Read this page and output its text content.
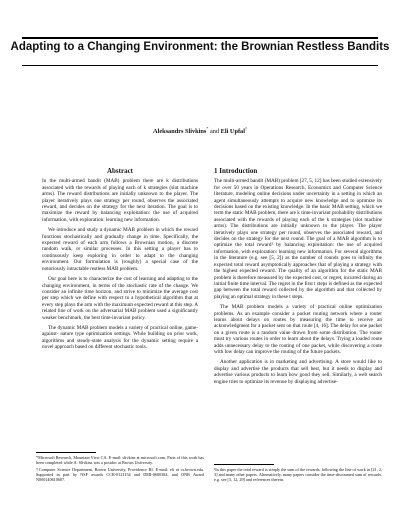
Adapting to a Changing Environment: the Brownian Restless Bandits
Aleksandrs Slivkins* and Eli Upfal†
Abstract

In the multi-armed bandit (MAB) problem there are k distributions associated with the rewards of playing each of k strategies (slot machine arms). The reward distributions are initially unknown to the player. The player iteratively plays one strategy per round, observes the associated reward, and decides on the strategy for the next iteration. The goal is to maximize the reward by balancing exploitation: the use of acquired information, with exploration: learning new information.

We introduce and study a dynamic MAB problem in which the reward functions stochastically and gradually change in time. Specifically, the expected reward of each arm follows a Brownian motion, a discrete random walk, or similar processes. In this setting a player has to continuously keep exploring in order to adapt to the changing environment. Our formulation is (roughly) a special case of the notoriously intractable restless MAB problem.

Our goal here is to characterize the cost of learning and adapting to the changing environment, in terms of the stochastic rate of the change. We consider an infinite time horizon, and strive to minimize the average cost per step which we define with respect to a hypothetical algorithm that at every step plays the arm with the maximum expected reward at this step. A related line of work on the adversarial MAB problem used a significantly weaker benchmark, the best time-invariant policy.

The dynamic MAB problem models a variety of practical online, game-against- nature type optimization settings. While building on prior work, algorithms and steady-state analysis for the dynamic setting require a novel approach based on different stochastic tools.

*Microsoft Research, Mountain View CA. E-mail: slivkins at microsoft.com. Parts of this work has been completed while A. Slivkins was a postdoc at Brown University.

†Computer Science Department, Brown University, Providence RI. E-mail: eli at cs.brown.edu. Supported in part by NSF awards CCR-0121154 and DMI-0600384, and ONR Award N000140610607.

1 Introduction

The multi-armed bandit (MAB) problem [27, 5, 12] has been studied extensively for over 50 years in Operations Research, Economics and Computer Science literature, modeling online decisions under uncertainty in a setting in which an agent simultaneously attempts to acquire new knowledge and to optimize its decisions based on the existing knowledge. In the basic MAB setting, which we term the static MAB problem, there are k time-invariant probability distributions associated with the rewards of playing each of the k strategies (slot machine arms). The distributions are initially unknown to the player. The player iteratively plays one strategy per round, observes the associated reward, and decides on the strategy for the next round. The goal of a MAB algorithm is to optimize the total reward¹ by balancing exploitation: the use of acquired information, with exploration: learning new information. For several algorithms in the literature (e.g. see [5, 2]) as the number of rounds goes to infinity the expected total reward asymptotically approaches that of playing a strategy with the highest expected reward. The quality of an algorithm for the static MAB problem is therefore measured by the expected cost, or regret, incurred during an initial finite time interval. The regret in the first t steps is defined as the expected gap between the total reward collected by the algorithm and that collected by playing an optimal strategy in these t steps.

The MAB problem models a variety of practical online optimization problems. As an example consider a packet routing network where a router learns about delays on routes by measuring the time to receive an acknowledgment for a packet sent on that route [4, 16]. The delay for one packet on a given route is a random value drawn from some distribution. The router must try various routes in order to learn about the delays. Trying a loaded route adds unnecessary delay to the routing of one packet, while discovering a route with low delay can improve the routing of the future packets.

Another application is in marketing and advertising. A store would like to display and advertise the products that sell best, but it needs to display and advertise various products to learn how good they sell. Similarly, a web search engine tries to optimize its revenue by displaying advertise-

¹In this paper the total reward is simply the sum of the rewards, following the line of work in [21, 2, 3] and many other papers. Alternatively, many papers consider the time-discounted sum of rewards, e.g. see [3, 12, 29] and references therein.
